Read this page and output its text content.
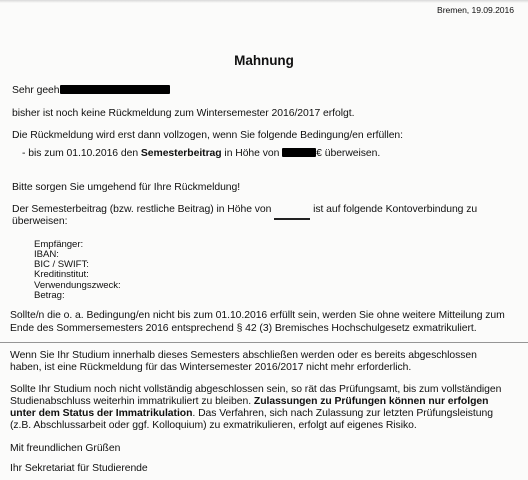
Bremen, 19.09.2016
Mahnung
Sehr geeh
bisher ist noch keine Rückmeldung zum Wintersemester 2016/2017 erfolgt.
Die Rückmeldung wird erst dann vollzogen, wenn Sie folgende Bedingung/en erfüllen:
- bis zum 01.10.2016 den Semesterbeitrag in Höhe von	€ überweisen.
Bitte sorgen Sie umgehend für Ihre Rückmeldung!
Der Semesterbeitrag (bzw. restliche Beitrag) in Höhe von	ist auf folgende Kontoverbindung zu
überweisen:
Empfänger:
IBAN:
BIC / SWIFT:
Kreditinstitut:
Verwendungszweck:
Betrag:
Sollte/n die o. a. Bedingung/en nicht bis zum 01.10.2016 erfüllt sein, werden Sie ohne weitere Mitteilung zum
Ende des Sommersemesters 2016 entsprechend § 42 (3) Bremisches Hochschulgesetz exmatrikuliert.
Wenn Sie Ihr Studium innerhalb dieses Semesters abschließen werden oder es bereits abgeschlossen
haben, ist eine Rückmeldung für das Wintersemester 2016/2017 nicht mehr erforderlich.
Sollte Ihr Studium noch nicht vollständig abgeschlossen sein, so rät das Prüfungsamt, bis zum vollständigen
Studienabschluss weiterhin immatrikuliert zu bleiben. Zulassungen zu Prüfungen können nur erfolgen
unter dem Status der Immatrikulation. Das Verfahren, sich nach Zulassung zur letzten Prüfungsleistung
(z.B. Abschlussarbeit oder ggf. Kolloquium) zu exmatrikulieren, erfolgt auf eigenes Risiko.
Mit freundlichen Grüßen
Ihr Sekretariat für Studierende
